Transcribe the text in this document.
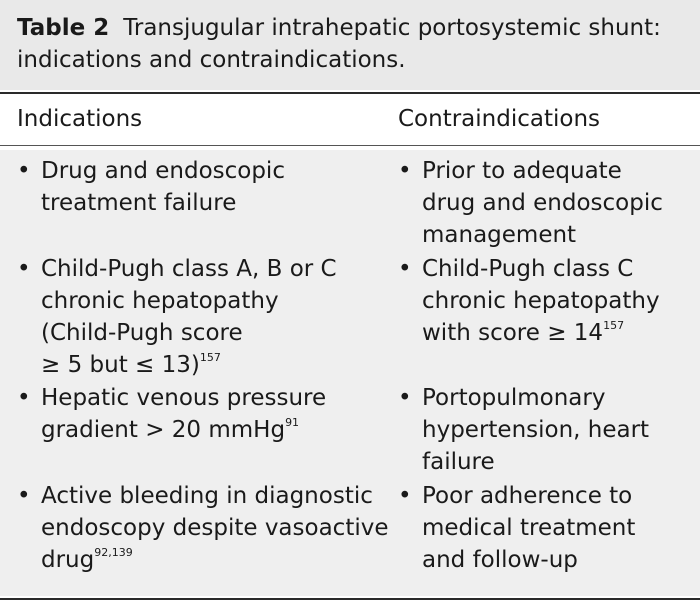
Table 2 Transjugular intrahepatic portosystemic shunt:
indications and contraindications.
Indications	Contraindications
• Drug and endoscopic
treatment failure
• Child-Pugh class A, B or C
chronic hepatopathy
(Child-Pugh score
≥ 5 but ≤ 13)$^{157}$
• Hepatic venous pressure
gradient > 20 mmHg$^{91}$
• Active bleeding in diagnostic
endoscopy despite vasoactive
drug$^{92,139}$
• Prior to adequate
drug and endoscopic
management
• Child-Pugh class C
chronic hepatopathy
with score ≥ $14^{157}$
• Portopulmonary
hypertension, heart
failure
• Poor adherence to
medical treatment
and follow-up
